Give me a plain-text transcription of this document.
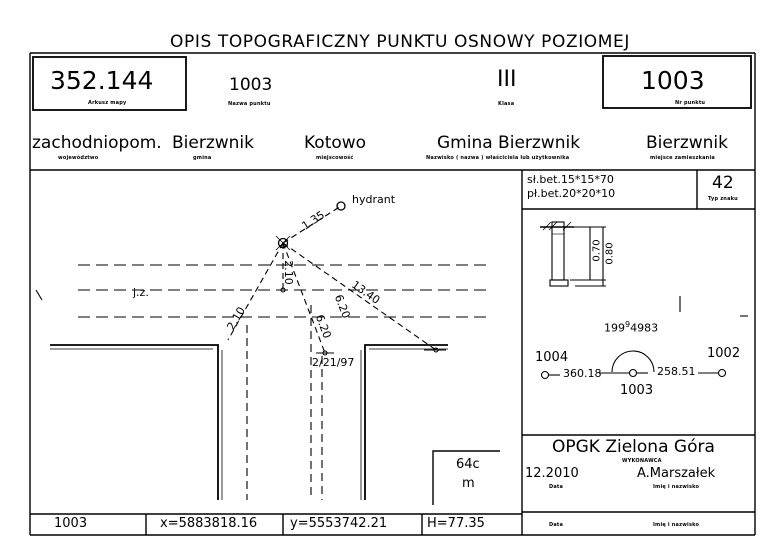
OPIS TOPOGRAFICZNY PUNKTU OSNOWY POZIOMEJ
352.144
Arkusz mapy
1003
Nazwa punktu
III
Klasa
1003
Nr punktu
zachodniopom. Bierzwnik
województwo	gmina
Kotowo
miejscowość
Gmina Bierzwnik
Nazwisko ( nazwa ) właściciela lub użytkownika
Bierzwnik
miejsce zamieszkania
hydrant
j.z.
1.35
2.10
2.10
13.40
6.20
6.20
2/21/97
64c
m
sł.bet.15*15*70
pł.bet.20*20*10
42
Typ znaku
0.70 0.80
$199^94983$
1004	1002
1003
360.18	258.51
OPGK Zielona Góra
WYKONAWCA
12.2010	A.Marszałek
Data	Imię i nazwisko
Data	Imię i nazwisko
1003	x=5883818.16	y=5553742.21	H=77.35
